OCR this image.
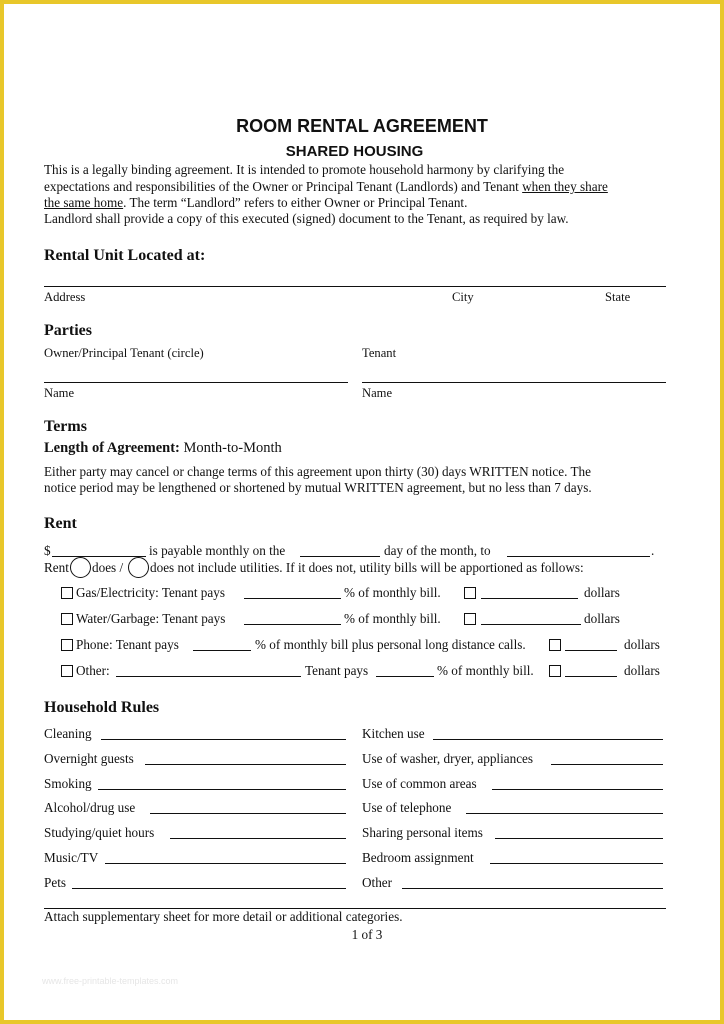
ROOM RENTAL AGREEMENT
SHARED HOUSING
This is a legally binding agreement. It is intended to promote household harmony by clarifying the
expectations and responsibilities of the Owner or Principal Tenant (Landlords) and Tenant when they share
the same home. The term “Landlord” refers to either Owner or Principal Tenant.
Landlord shall provide a copy of this executed (signed) document to the Tenant, as required by law.
Rental Unit Located at:
Address	City	State
Parties
Owner/Principal Tenant (circle)	Tenant
Name	Name
Terms
Length of Agreement: Month-to-Month
Either party may cancel or change terms of this agreement upon thirty (30) days WRITTEN notice. The
notice period may be lengthened or shortened by mutual WRITTEN agreement, but no less than 7 days.
Rent
$	is payable monthly on the	day of the month, to	.
Rent does / does not include utilities. If it does not, utility bills will be apportioned as follows:
Gas/Electricity: Tenant pays	% of monthly bill.	dollars
Water/Garbage: Tenant pays	% of monthly bill.	dollars
Phone: Tenant pays	% of monthly bill plus personal long distance calls.	dollars
Other:	Tenant pays	% of monthly bill.	dollars
Household Rules
Cleaning	Kitchen use
Overnight guests	Use of washer, dryer, appliances
Smoking	Use of common areas
Alcohol/drug use	Use of telephone
Studying/quiet hours	Sharing personal items
Music/TV	Bedroom assignment
Pets	Other
Attach supplementary sheet for more detail or additional categories.
1 of 3
www.free-printable-templates.com
